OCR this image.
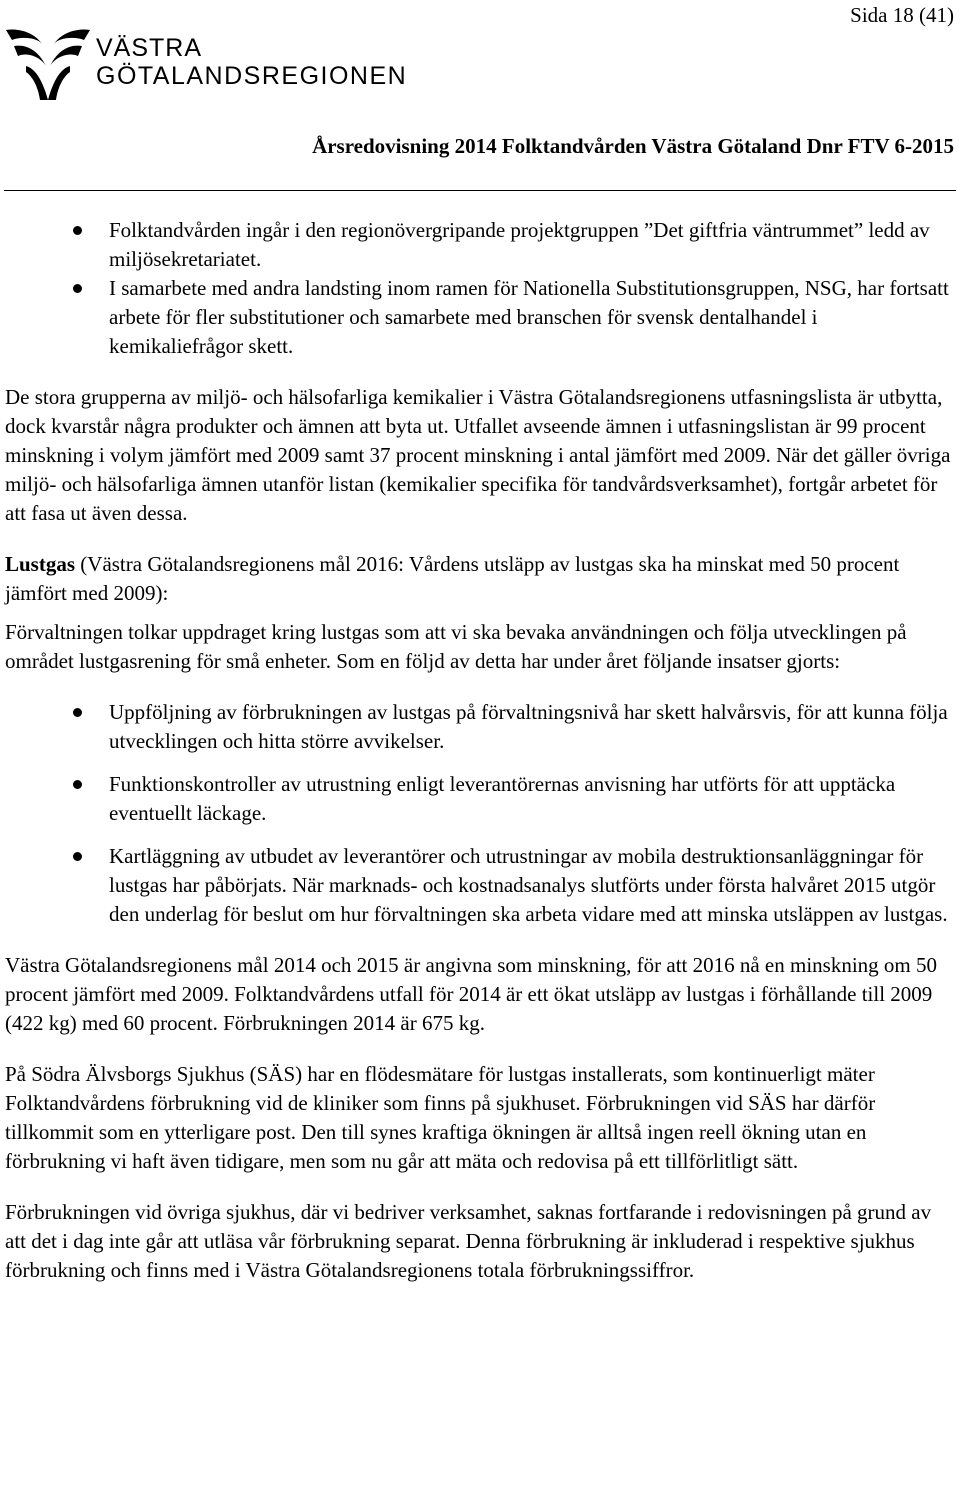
Sida 18 (41)
VÄSTRA
GÖTALANDSREGIONEN
Årsredovisning 2014 Folktandvården Västra Götaland Dnr FTV 6-2015
Folktandvården ingår i den regionövergripande projektgruppen ”Det giftfria väntrummet” ledd av miljösekretariatet.
I samarbete med andra landsting inom ramen för Nationella Substitutionsgruppen, NSG, har fortsatt arbete för fler substitutioner och samarbete med branschen för svensk dentalhandel i kemikaliefrågor skett.

De stora grupperna av miljö- och hälsofarliga kemikalier i Västra Götalandsregionens utfasningslista är utbytta, dock kvarstår några produkter och ämnen att byta ut. Utfallet avseende ämnen i utfasningslistan är 99 procent minskning i volym jämfört med 2009 samt 37 procent minskning i antal jämfört med 2009. När det gäller övriga miljö- och hälsofarliga ämnen utanför listan (kemikalier specifika för tandvårdsverksamhet), fortgår arbetet för att fasa ut även dessa.

Lustgas (Västra Götalandsregionens mål 2016: Vårdens utsläpp av lustgas ska ha minskat med 50 procent jämfört med 2009):

Förvaltningen tolkar uppdraget kring lustgas som att vi ska bevaka användningen och följa utvecklingen på området lustgasrening för små enheter. Som en följd av detta har under året följande insatser gjorts:

Uppföljning av förbrukningen av lustgas på förvaltningsnivå har skett halvårsvis, för att kunna följa utvecklingen och hitta större avvikelser.
Funktionskontroller av utrustning enligt leverantörernas anvisning har utförts för att upptäcka eventuellt läckage.
Kartläggning av utbudet av leverantörer och utrustningar av mobila destruktionsanläggningar för lustgas har påbörjats. När marknads- och kostnadsanalys slutförts under första halvåret 2015 utgör den underlag för beslut om hur förvaltningen ska arbeta vidare med att minska utsläppen av lustgas.

Västra Götalandsregionens mål 2014 och 2015 är angivna som minskning, för att 2016 nå en minskning om 50 procent jämfört med 2009. Folktandvårdens utfall för 2014 är ett ökat utsläpp av lustgas i förhållande till 2009 (422 kg) med 60 procent. Förbrukningen 2014 är 675 kg.

På Södra Älvsborgs Sjukhus (SÄS) har en flödesmätare för lustgas installerats, som kontinuerligt mäter Folktandvårdens förbrukning vid de kliniker som finns på sjukhuset. Förbrukningen vid SÄS har därför tillkommit som en ytterligare post. Den till synes kraftiga ökningen är alltså ingen reell ökning utan en förbrukning vi haft även tidigare, men som nu går att mäta och redovisa på ett tillförlitligt sätt.

Förbrukningen vid övriga sjukhus, där vi bedriver verksamhet, saknas fortfarande i redovisningen på grund av att det i dag inte går att utläsa vår förbrukning separat. Denna förbrukning är inkluderad i respektive sjukhus förbrukning och finns med i Västra Götalandsregionens totala förbrukningssiffror.
